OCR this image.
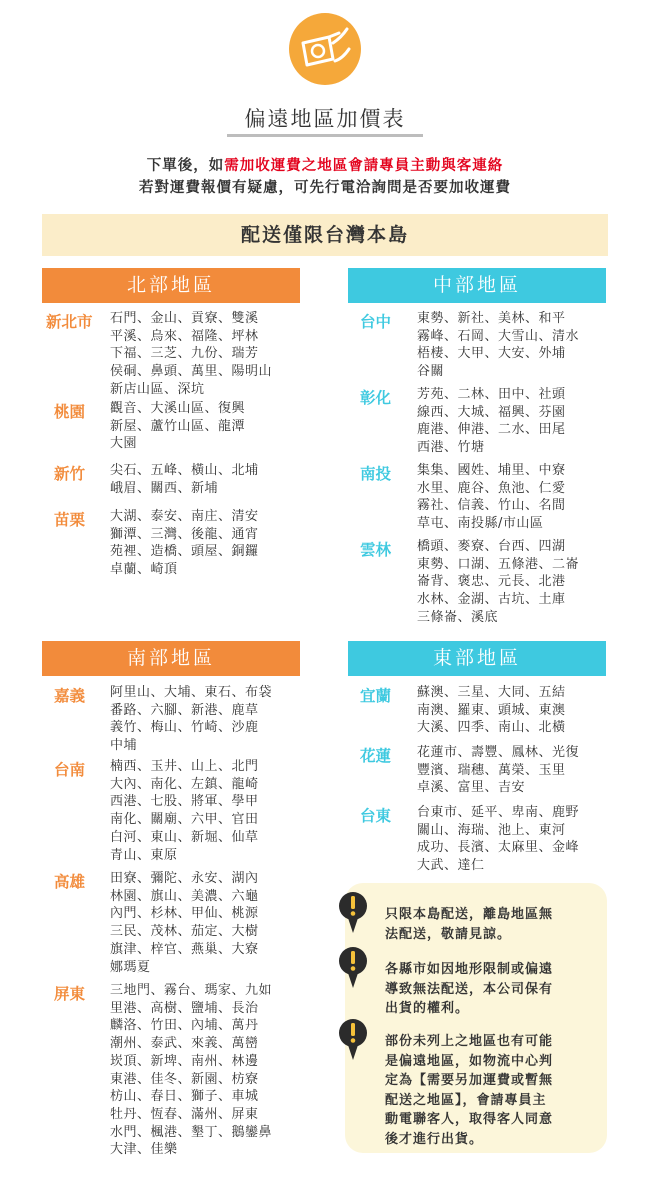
偏遠地區加價表
下單後，如需加收運費之地區會請專員主動與客連絡
若對運費報價有疑慮，可先行電洽詢問是否要加收運費
配送僅限台灣本島
北部地區	中部地區
南部地區	東部地區
新北市 石門、金山、貢寮、雙溪
平溪、烏來、福隆、坪林
下福、三芝、九份、瑞芳
侯硐、鼻頭、萬里、陽明山
新店山區、深坑
桃園 觀音、大溪山區、復興
新屋、蘆竹山區、龍潭
大園
新竹 尖石、五峰、橫山、北埔
峨眉、關西、新埔
苗栗 大湖、泰安、南庄、清安
獅潭、三灣、後龍、通宵
苑裡、造橋、頭屋、銅鑼
卓蘭、崎頂
台中 東勢、新社、美林、和平
霧峰、石岡、大雪山、清水
梧棲、大甲、大安、外埔
谷關
彰化 芳苑、二林、田中、社頭
線西、大城、福興、芬園
鹿港、伸港、二水、田尾
西港、竹塘
南投 集集、國姓、埔里、中寮
水里、鹿谷、魚池、仁愛
霧社、信義、竹山、名間
草屯、南投縣/市山區
雲林 橋頭、麥寮、台西、四湖
東勢、口湖、五條港、二崙
崙背、褒忠、元長、北港
水林、金湖、古坑、土庫
三條崙、溪底
嘉義 阿里山、大埔、東石、布袋
番路、六腳、新港、鹿草
義竹、梅山、竹崎、沙鹿
中埔
台南 楠西、玉井、山上、北門
大內、南化、左鎮、龍崎
西港、七股、將軍、學甲
南化、關廟、六甲、官田
白河、東山、新堀、仙草
青山、東原
高雄 田寮、彌陀、永安、湖內
林園、旗山、美濃、六龜
內門、杉林、甲仙、桃源
三民、茂林、茄定、大樹
旗津、梓官、燕巢、大寮
娜瑪夏
屏東 三地門、霧台、瑪家、九如
里港、高樹、鹽埔、長治
麟洛、竹田、內埔、萬丹
潮州、泰武、來義、萬巒
崁頂、新埤、南州、林邊
東港、佳冬、新園、枋寮
枋山、春日、獅子、車城
牡丹、恆春、滿州、屏東
水門、楓港、墾丁、鵝鑾鼻
大津、佳樂
宜蘭 蘇澳、三星、大同、五結
南澳、羅東、頭城、東澳
大溪、四季、南山、北橫
花蓮 花蓮市、壽豐、鳳林、光復
豐濱、瑞穗、萬榮、玉里
卓溪、富里、吉安
台東 台東市、延平、卑南、鹿野
關山、海瑞、池上、東河
成功、長濱、太麻里、金峰
大武、達仁
只限本島配送，離島地區無
法配送，敬請見諒。
各縣市如因地形限制或偏遠
導致無法配送，本公司保有
出貨的權利。
部份未列上之地區也有可能
是偏遠地區，如物流中心判
定為【需要另加運費或暫無
配送之地區】，會請專員主
動電聯客人，取得客人同意
後才進行出貨。
